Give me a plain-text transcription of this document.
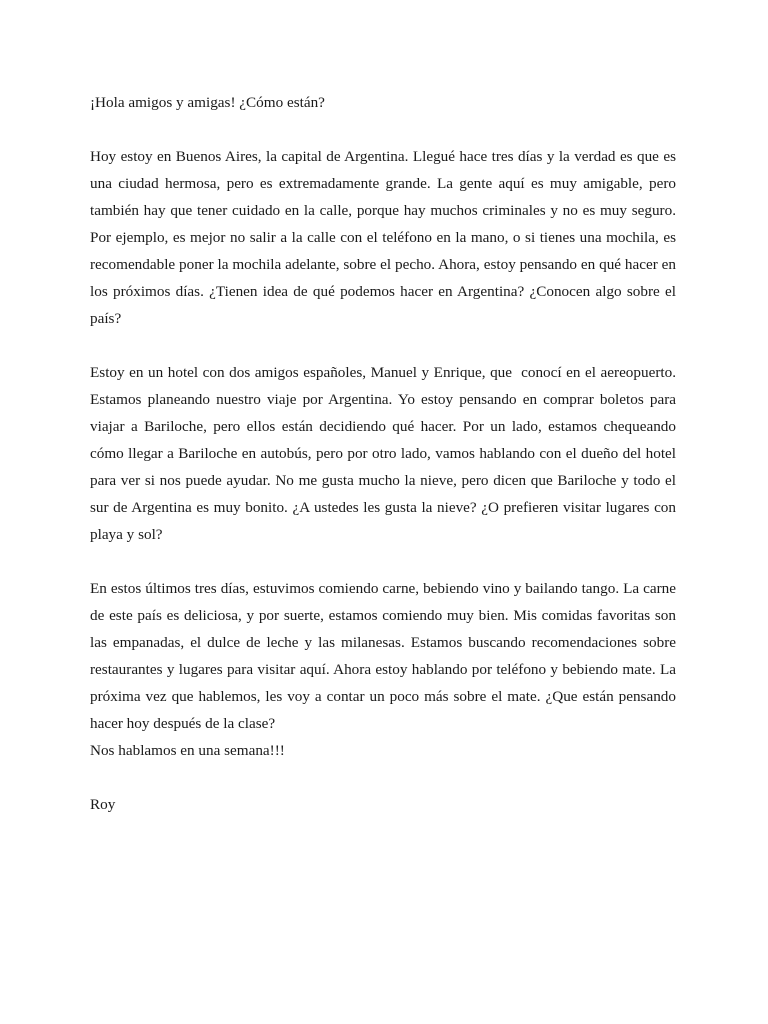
¡Hola amigos y amigas! ¿Cómo están?

Hoy estoy en Buenos Aires, la capital de Argentina. Llegué hace tres días y la verdad es que es una ciudad hermosa, pero es extremadamente grande. La gente aquí es muy amigable, pero también hay que tener cuidado en la calle, porque hay muchos criminales y no es muy seguro. Por ejemplo, es mejor no salir a la calle con el teléfono en la mano, o si tienes una mochila, es recomendable poner la mochila adelante, sobre el pecho. Ahora, estoy pensando en qué hacer en los próximos días. ¿Tienen idea de qué podemos hacer en Argentina? ¿Conocen algo sobre el país?

Estoy en un hotel con dos amigos españoles, Manuel y Enrique, que  conocí en el aereopuerto. Estamos planeando nuestro viaje por Argentina. Yo estoy pensando en comprar boletos para viajar a Bariloche, pero ellos están decidiendo qué hacer. Por un lado, estamos chequeando cómo llegar a Bariloche en autobús, pero por otro lado, vamos hablando con el dueño del hotel para ver si nos puede ayudar. No me gusta mucho la nieve, pero dicen que Bariloche y todo el sur de Argentina es muy bonito. ¿A ustedes les gusta la nieve? ¿O prefieren visitar lugares con playa y sol?

En estos últimos tres días, estuvimos comiendo carne, bebiendo vino y bailando tango. La carne de este país es deliciosa, y por suerte, estamos comiendo muy bien. Mis comidas favoritas son las empanadas, el dulce de leche y las milanesas. Estamos buscando recomendaciones sobre restaurantes y lugares para visitar aquí. Ahora estoy hablando por teléfono y bebiendo mate. La próxima vez que hablemos, les voy a contar un poco más sobre el mate. ¿Que están pensando hacer hoy después de la clase?

Nos hablamos en una semana!!!

Roy
